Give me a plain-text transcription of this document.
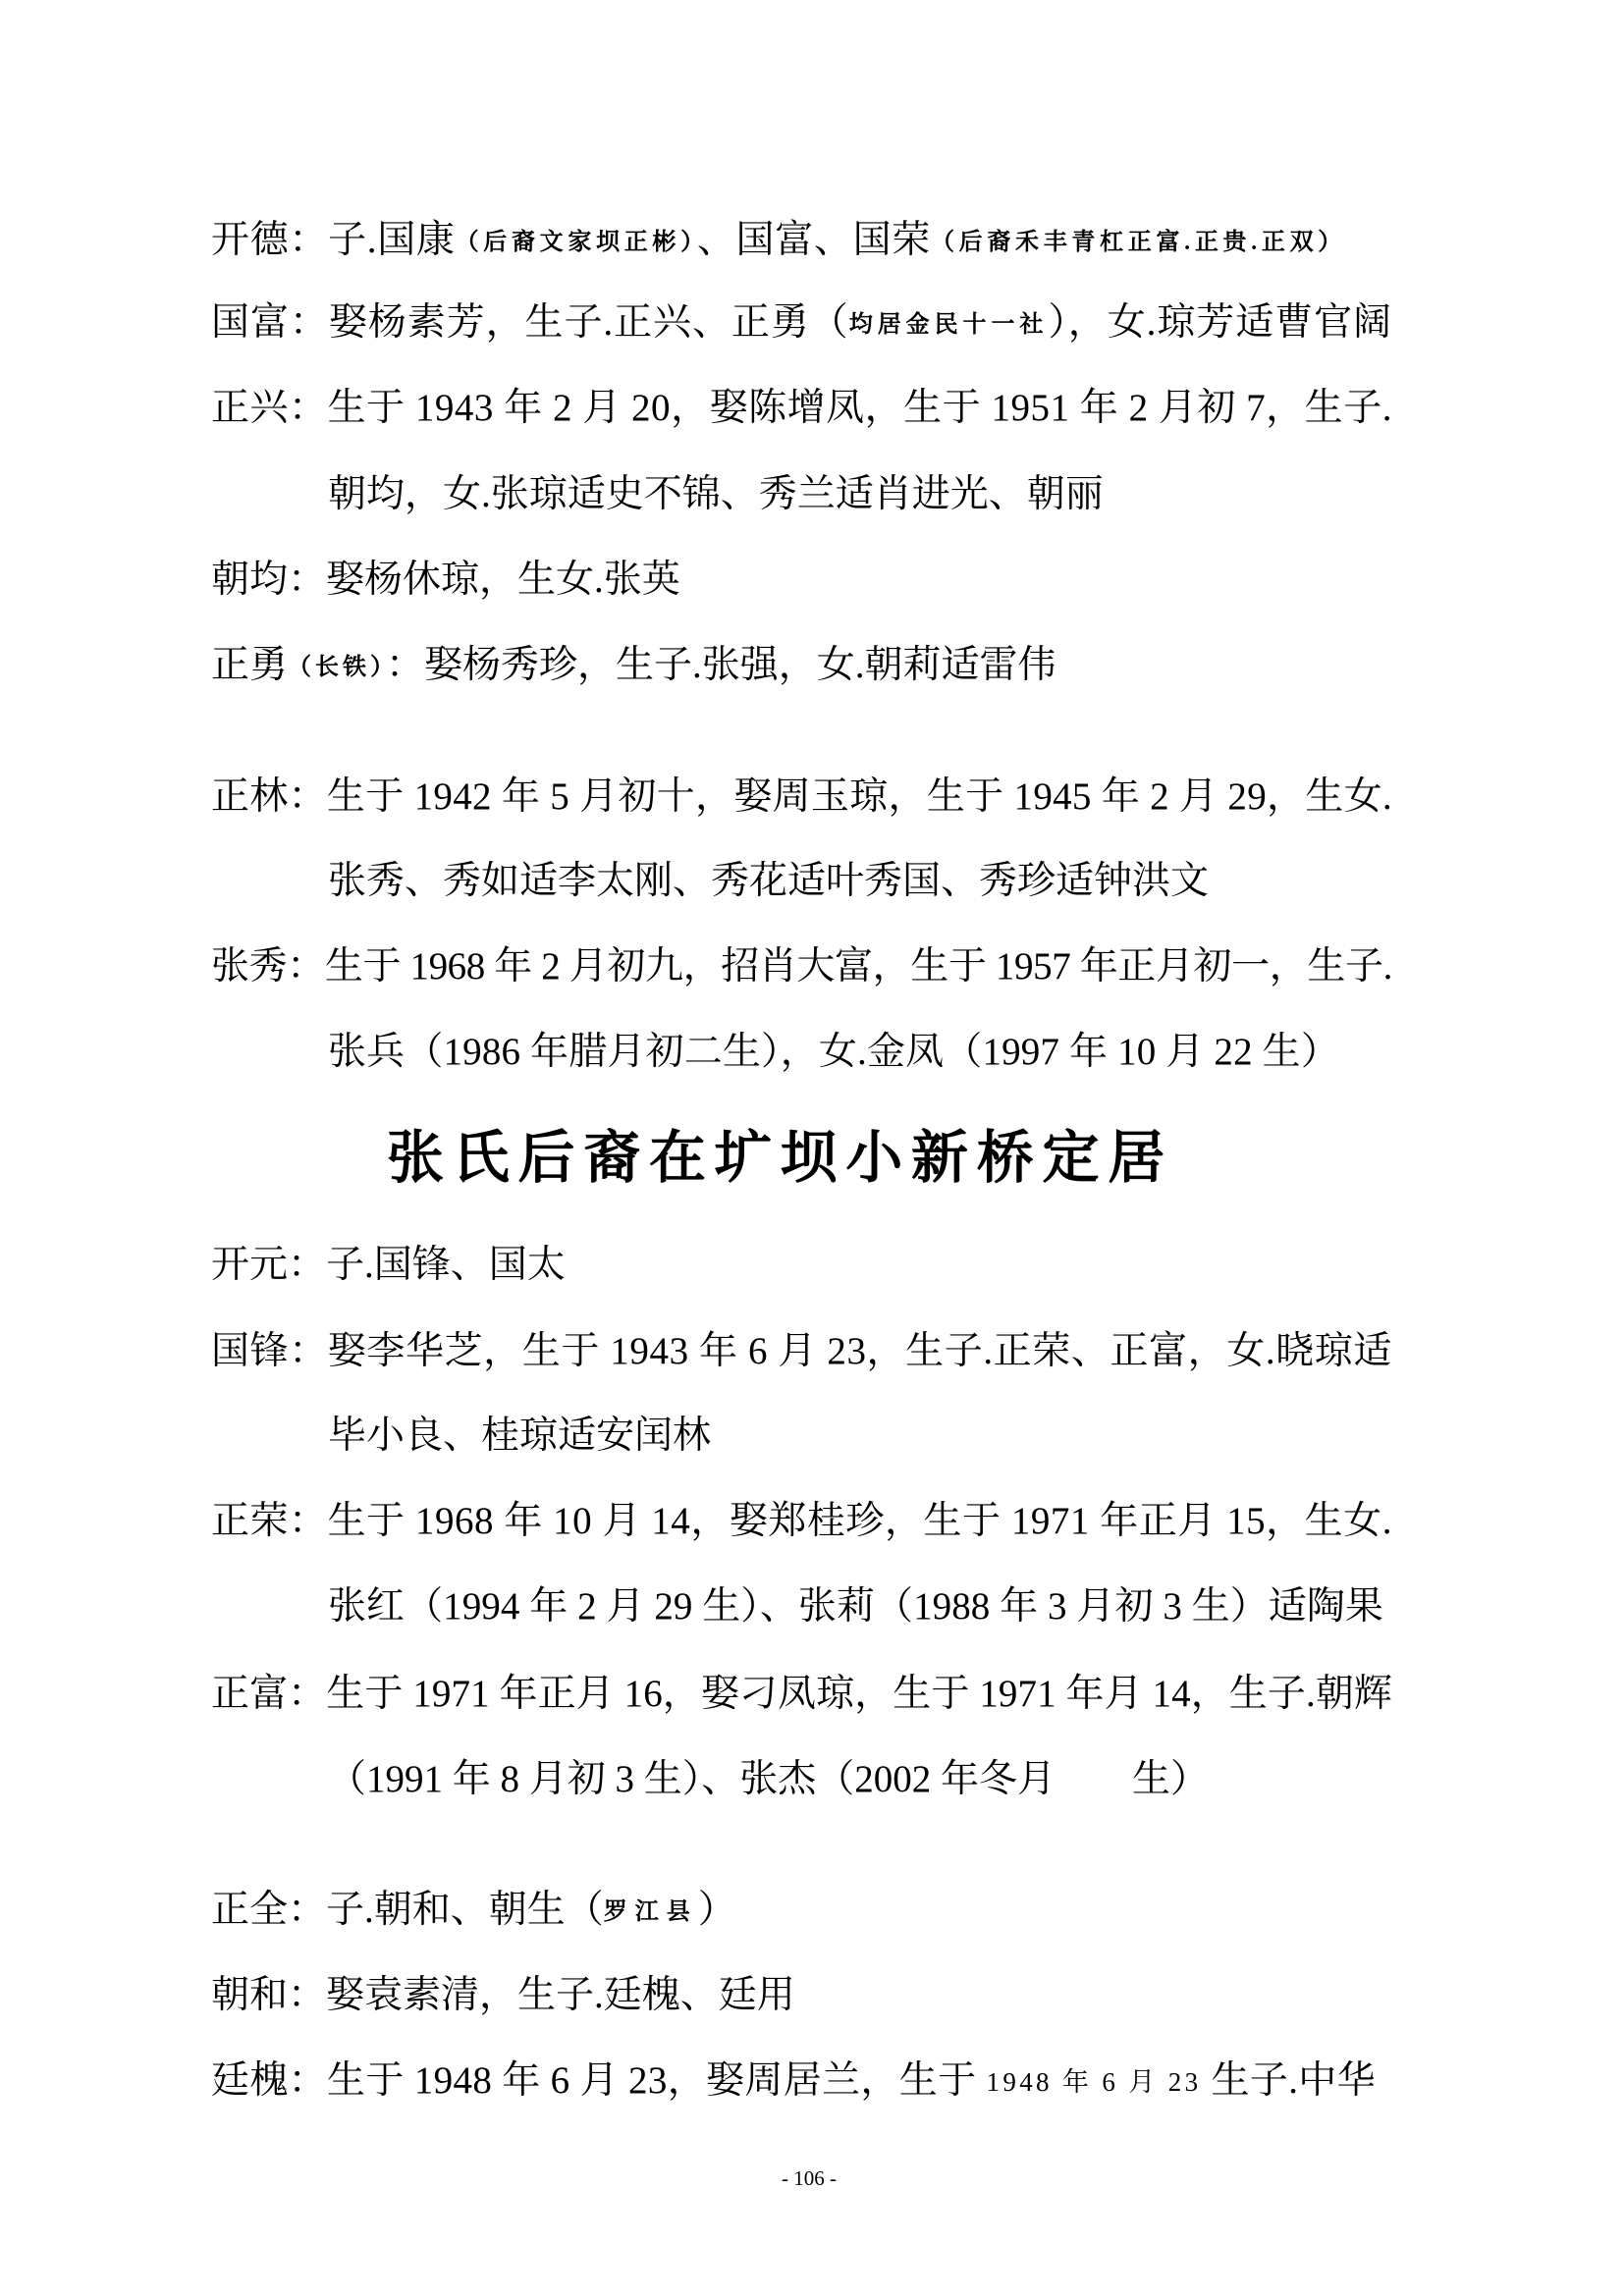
开德：子.国康（后裔文家坝正彬）、国富、国荣（后裔禾丰青杠正富.正贵.正双）
国富：娶杨素芳，生子.正兴、正勇（均居金民十一社），女.琼芳适曹官阔
正兴：生于 1943 年 2 月 20，娶陈增凤，生于 1951 年 2 月初 7，生子.
朝均，女.张琼适史不锦、秀兰适肖进光、朝丽
朝均：娶杨休琼，生女.张英
正勇（长铁）：娶杨秀珍，生子.张强，女.朝莉适雷伟
正林：生于 1942 年 5 月初十，娶周玉琼，生于 1945 年 2 月 29，生女.
张秀、秀如适李太刚、秀花适叶秀国、秀珍适钟洪文
张秀：生于 1968 年 2 月初九，招肖大富，生于 1957 年正月初一，生子.
张兵（1986 年腊月初二生），女.金凤（1997 年 10 月 22 生）
张氏后裔在圹坝小新桥定居
开元：子.国锋、国太
国锋：娶李华芝，生于 1943 年 6 月 23，生子.正荣、正富，女.晓琼适
毕小良、桂琼适安闰林
正荣：生于 1968 年 10 月 14，娶郑桂珍，生于 1971 年正月 15，生女.
张红（1994 年 2 月 29 生）、张莉（1988 年 3 月初 3 生）适陶果
正富：生于 1971 年正月 16，娶刁凤琼，生于 1971 年月 14，生子.朝辉
（1991 年 8 月初 3 生）、张杰（2002 年冬月　　生）
正全：子.朝和、朝生（罗江县）
朝和：娶袁素清，生子.廷槐、廷用
廷槐：生于 1948 年 6 月 23，娶周居兰，生于 1948 年 6 月 23 生子.中华
- 106 -
